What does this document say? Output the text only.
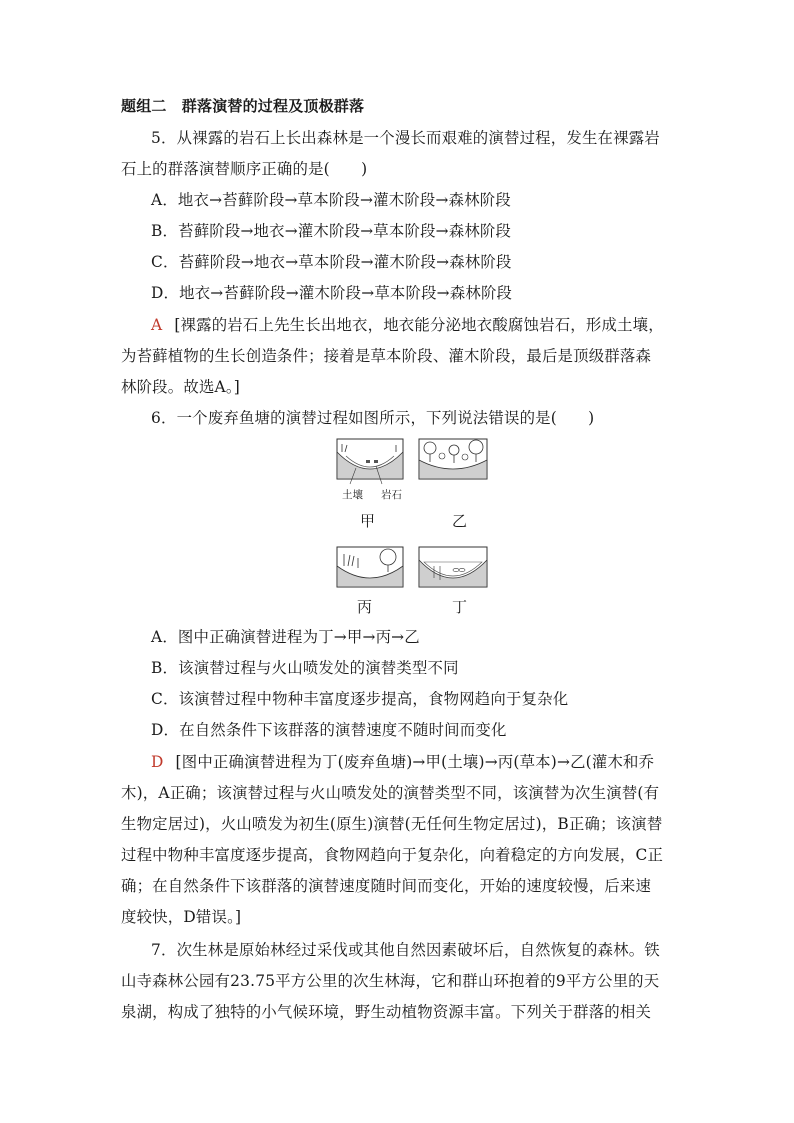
题组二　群落演替的过程及顶极群落
5．从裸露的岩石上长出森林是一个漫长而艰难的演替过程，发生在裸露岩
石上的群落演替顺序正确的是(　　)
A．地衣→苔藓阶段→草本阶段→灌木阶段→森林阶段
B．苔藓阶段→地衣→灌木阶段→草本阶段→森林阶段
C．苔藓阶段→地衣→草本阶段→灌木阶段→森林阶段
D．地衣→苔藓阶段→灌木阶段→草本阶段→森林阶段
A [裸露的岩石上先生长出地衣，地衣能分泌地衣酸腐蚀岩石，形成土壤，
为苔藓植物的生长创造条件；接着是草本阶段、灌木阶段，最后是顶级群落森
林阶段。故选A。]
6．一个废弃鱼塘的演替过程如图所示，下列说法错误的是(　　)
土壤 岩石
甲	乙
丙	丁
A．图中正确演替进程为丁→甲→丙→乙
B．该演替过程与火山喷发处的演替类型不同
C．该演替过程中物种丰富度逐步提高，食物网趋向于复杂化
D．在自然条件下该群落的演替速度不随时间而变化
D [图中正确演替进程为丁(废弃鱼塘)→甲(土壤)→丙(草本)→乙(灌木和乔
木)，A正确；该演替过程与火山喷发处的演替类型不同，该演替为次生演替(有
生物定居过)，火山喷发为初生(原生)演替(无任何生物定居过)，B正确；该演替
过程中物种丰富度逐步提高，食物网趋向于复杂化，向着稳定的方向发展，C正
确；在自然条件下该群落的演替速度随时间而变化，开始的速度较慢，后来速
度较快，D错误。]
7．次生林是原始林经过采伐或其他自然因素破坏后，自然恢复的森林。铁
山寺森林公园有23.75平方公里的次生林海，它和群山环抱着的9平方公里的天
泉湖，构成了独特的小气候环境，野生动植物资源丰富。下列关于群落的相关
